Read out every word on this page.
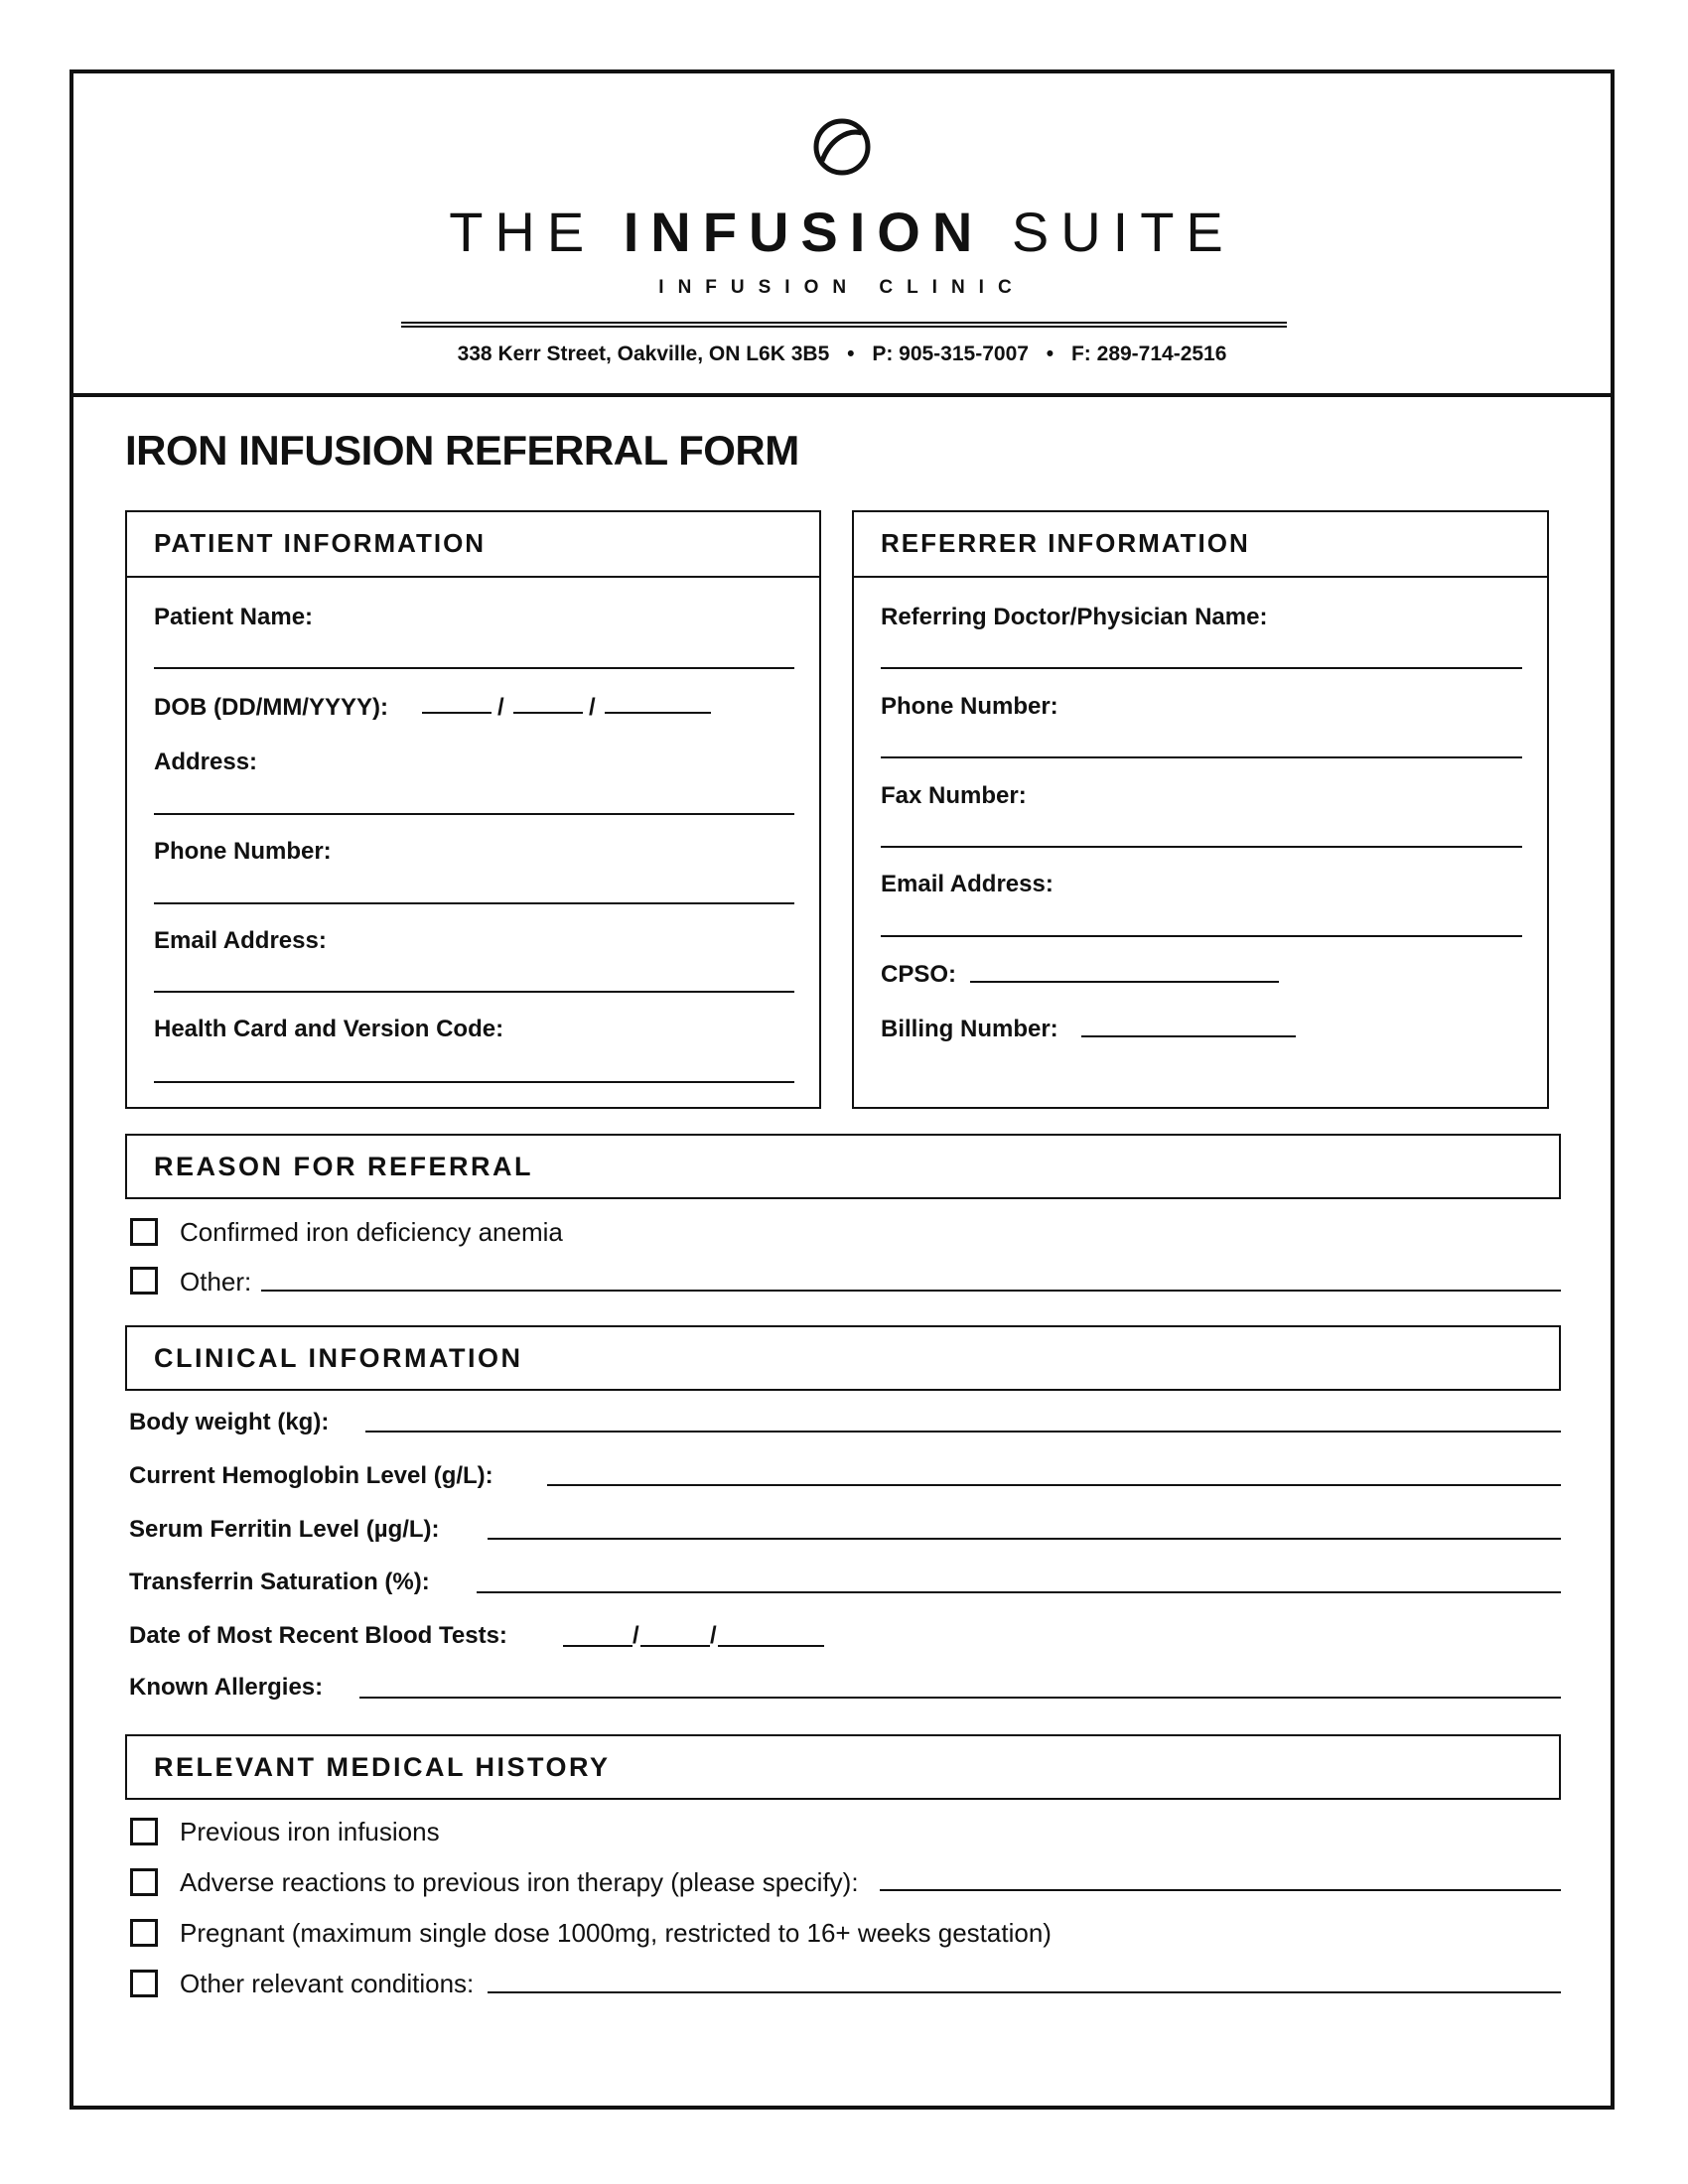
THE INFUSION SUITE
INFUSION CLINIC
338 Kerr Street, Oakville, ON L6K 3B5 • P: 905-315-7007 • F: 289-714-2516
IRON INFUSION REFERRAL FORM
PATIENT INFORMATION
Patient Name:
DOB (DD/MM/YYYY):	/	/
Address:
Phone Number:
Email Address:
Health Card and Version Code:
REFERRER INFORMATION
Referring Doctor/Physician Name:
Phone Number:
Fax Number:
Email Address:
CPSO:
Billing Number:
REASON FOR REFERRAL
Confirmed iron deficiency anemia
Other:
CLINICAL INFORMATION
Body weight (kg):
Current Hemoglobin Level (g/L):
Serum Ferritin Level (µg/L):
Transferrin Saturation (%):
Date of Most Recent Blood Tests:	/	/
Known Allergies:
RELEVANT MEDICAL HISTORY
Previous iron infusions
Adverse reactions to previous iron therapy (please specify):
Pregnant (maximum single dose 1000mg, restricted to 16+ weeks gestation)
Other relevant conditions:
